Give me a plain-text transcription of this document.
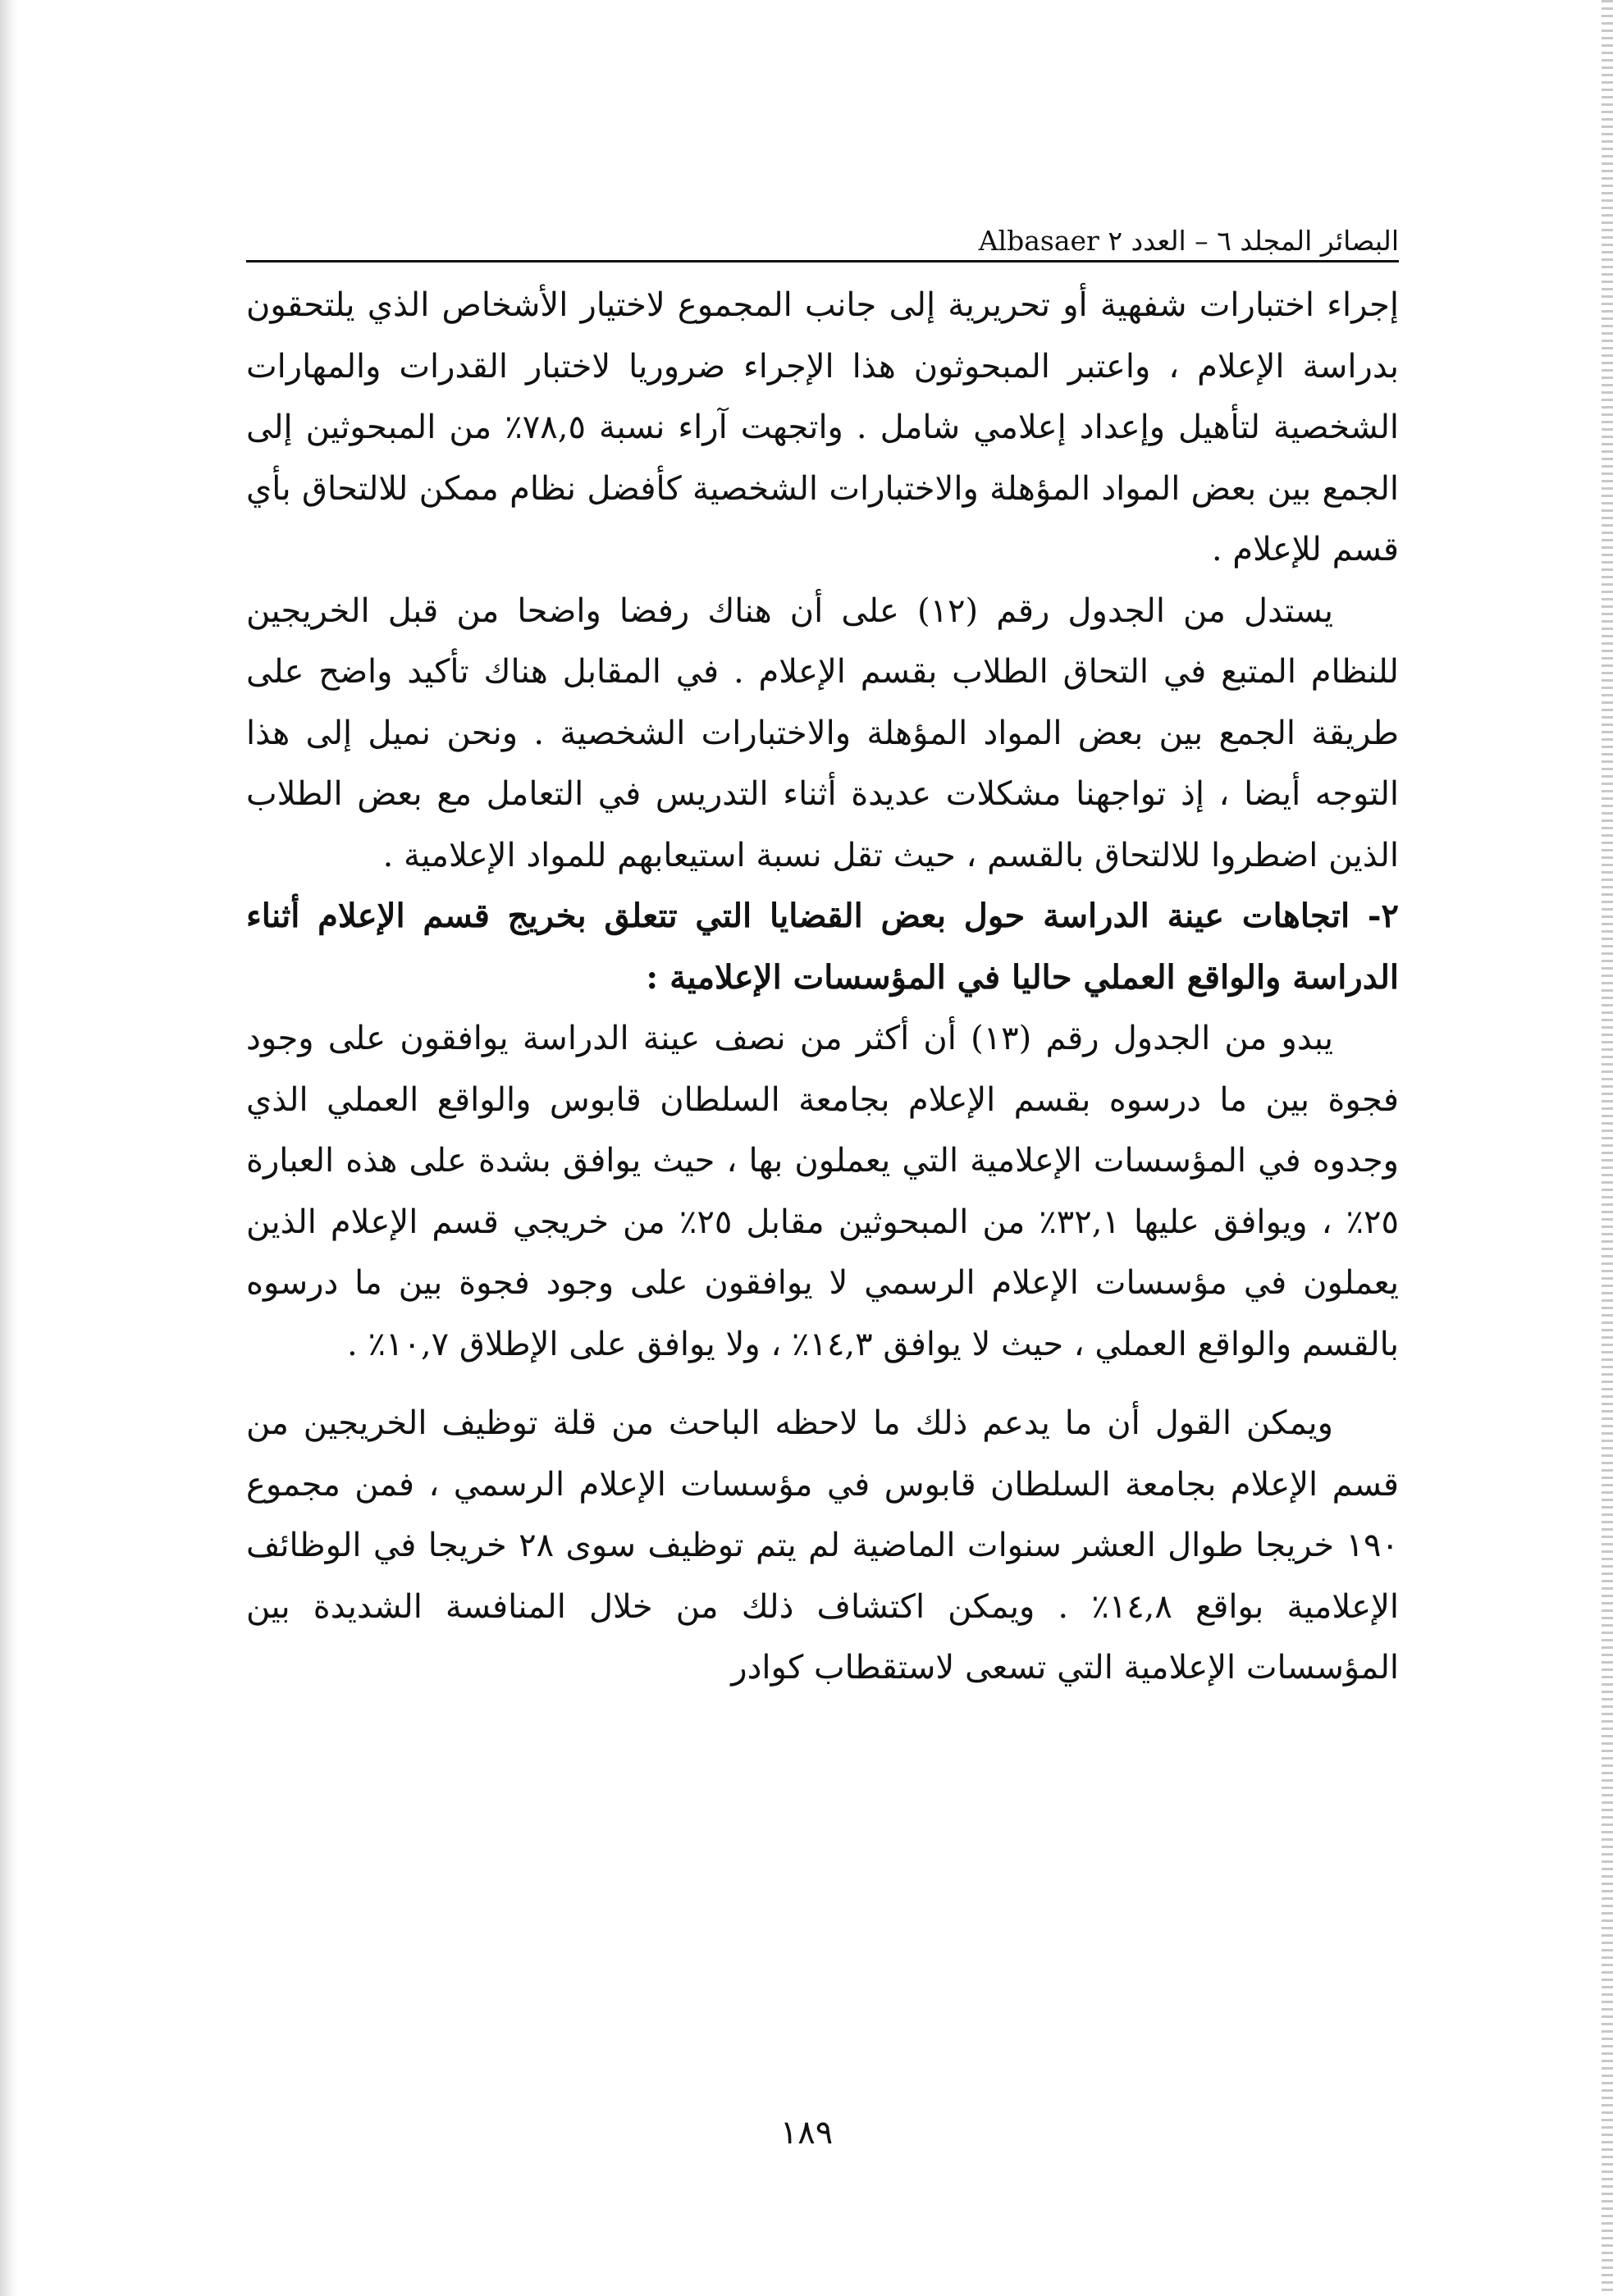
البصائر المجلد ٦ – العدد ٢ Albasaer

إجراء اختبارات شفهية أو تحريرية إلى جانب المجموع لاختيار الأشخاص الذي يلتحقون بدراسة الإعلام ، واعتبر المبحوثون هذا الإجراء ضروريا لاختبار القدرات والمهارات الشخصية لتأهيل وإعداد إعلامي شامل . واتجهت آراء نسبة ٧٨,٥٪ من المبحوثين إلى الجمع بين بعض المواد المؤهلة والاختبارات الشخصية كأفضل نظام ممكن للالتحاق بأي قسم للإعلام .

يستدل من الجدول رقم (١٢) على أن هناك رفضا واضحا من قبل الخريجين للنظام المتبع في التحاق الطلاب بقسم الإعلام . في المقابل هناك تأكيد واضح على طريقة الجمع بين بعض المواد المؤهلة والاختبارات الشخصية . ونحن نميل إلى هذا التوجه أيضا ، إذ تواجهنا مشكلات عديدة أثناء التدريس في التعامل مع بعض الطلاب الذين اضطروا للالتحاق بالقسم ، حيث تقل نسبة استيعابهم للمواد الإعلامية .

٢- اتجاهات عينة الدراسة حول بعض القضايا التي تتعلق بخريج قسم الإعلام أثناء الدراسة والواقع العملي حاليا في المؤسسات الإعلامية :

يبدو من الجدول رقم (١٣) أن أكثر من نصف عينة الدراسة يوافقون على وجود فجوة بين ما درسوه بقسم الإعلام بجامعة السلطان قابوس والواقع العملي الذي وجدوه في المؤسسات الإعلامية التي يعملون بها ، حيث يوافق بشدة على هذه العبارة ٢٥٪ ، ويوافق عليها ٣٢,١٪ من المبحوثين مقابل ٢٥٪ من خريجي قسم الإعلام الذين يعملون في مؤسسات الإعلام الرسمي لا يوافقون على وجود فجوة بين ما درسوه بالقسم والواقع العملي ، حيث لا يوافق ١٤,٣٪ ، ولا يوافق على الإطلاق ١٠,٧٪ .

ويمكن القول أن ما يدعم ذلك ما لاحظه الباحث من قلة توظيف الخريجين من قسم الإعلام بجامعة السلطان قابوس في مؤسسات الإعلام الرسمي ، فمن مجموع ١٩٠ خريجا طوال العشر سنوات الماضية لم يتم توظيف سوى ٢٨ خريجا في الوظائف الإعلامية بواقع ١٤,٨٪ . ويمكن اكتشاف ذلك من خلال المنافسة الشديدة بين المؤسسات الإعلامية التي تسعى لاستقطاب كوادر

١٨٩
